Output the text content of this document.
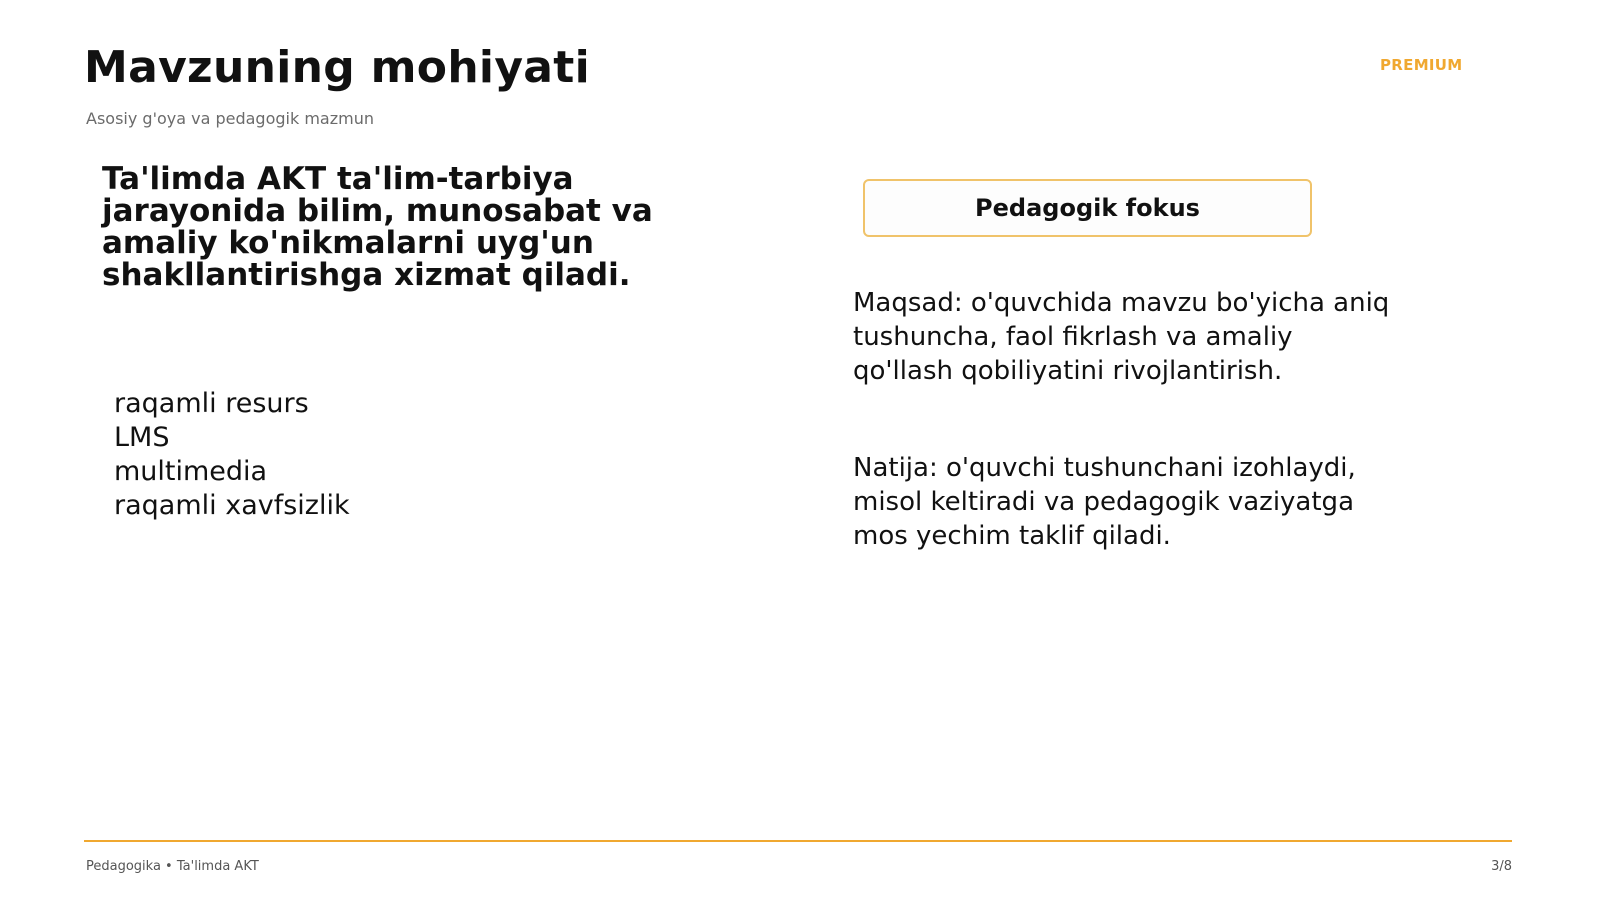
Mavzuning mohiyati
Asosiy g'oya va pedagogik mazmun
PREMIUM
Ta'limda AKT ta'lim-tarbiya jarayonida bilim, munosabat va amaliy ko'nikmalarni uyg'un shakllantirishga xizmat qiladi.
raqamli resurs
LMS
multimedia
raqamli xavfsizlik
Pedagogik fokus
Maqsad: o'quvchida mavzu bo'yicha aniq tushuncha, faol fikrlash va amaliy qo'llash qobiliyatini rivojlantirish.
Natija: o'quvchi tushunchani izohlaydi, misol keltiradi va pedagogik vaziyatga mos yechim taklif qiladi.
Pedagogika • Ta'limda AKT	3/8
